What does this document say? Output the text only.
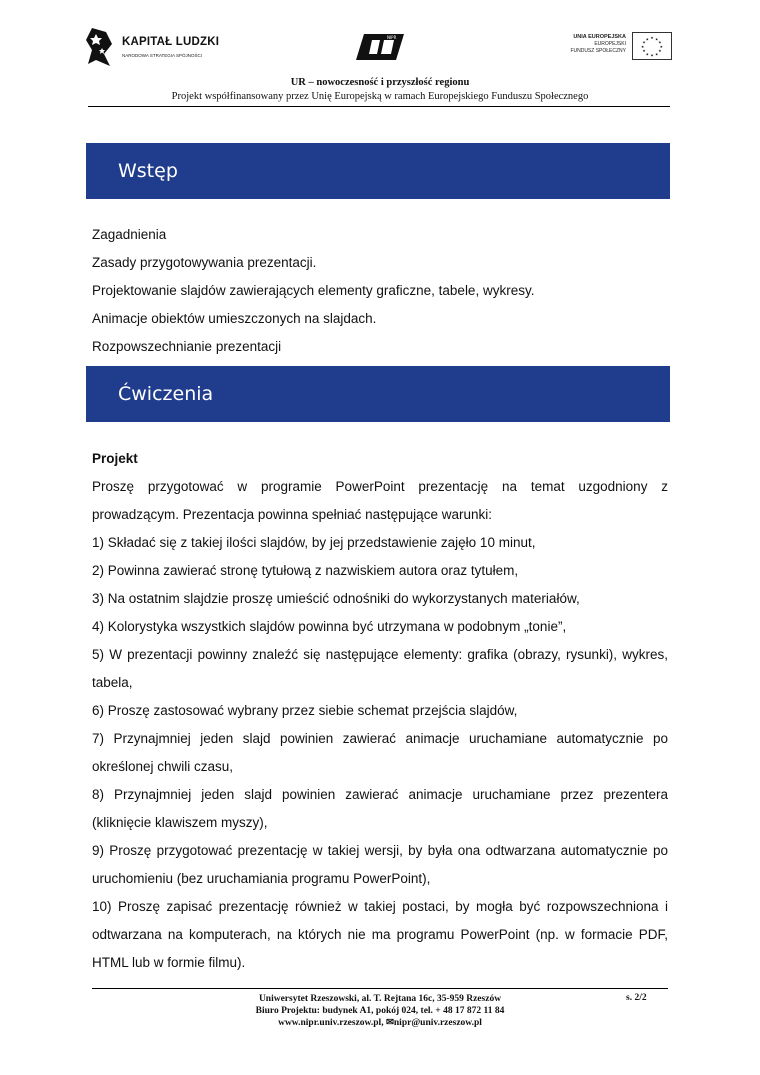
KAPITAŁ LUDZKI
NARODOWA STRATEGIA SPÓJNOŚCI
NIPR	UNIA EUROPEJSKA
EUROPEJSKI
FUNDUSZ SPOŁECZNY
★ ★
★
★
★
★
★
★
★
★
★
★
UR – nowoczesność i przyszłość regionu
Projekt współfinansowany przez Unię Europejską w ramach Europejskiego Funduszu Społecznego
Wstęp

Zagadnienia

Zasady przygotowywania prezentacji.

Projektowanie slajdów zawierających elementy graficzne, tabele, wykresy.

Animacje obiektów umieszczonych na slajdach.

Rozpowszechnianie prezentacji

Ćwiczenia

Projekt

Proszę przygotować w programie PowerPoint prezentację na temat uzgodniony z prowadzącym. Prezentacja powinna spełniać następujące warunki:

1) Składać się z takiej ilości slajdów, by jej przedstawienie zajęło 10 minut,

2) Powinna zawierać stronę tytułową z nazwiskiem autora oraz tytułem,

3) Na ostatnim slajdzie proszę umieścić odnośniki do wykorzystanych materiałów,

4) Kolorystyka wszystkich slajdów powinna być utrzymana w podobnym „tonie”,

5) W prezentacji powinny znaleźć się następujące elementy: grafika (obrazy, rysunki), wykres, tabela,

6) Proszę zastosować wybrany przez siebie schemat przejścia slajdów,

7) Przynajmniej jeden slajd powinien zawierać animacje uruchamiane automatycznie po określonej chwili czasu,

8) Przynajmniej jeden slajd powinien zawierać animacje uruchamiane przez prezentera (kliknięcie klawiszem myszy),

9) Proszę przygotować prezentację w takiej wersji, by była ona odtwarzana automatycznie po uruchomieniu (bez uruchamiania programu PowerPoint),

10) Proszę zapisać prezentację również w takiej postaci, by mogła być rozpowszechniona i odtwarzana na komputerach, na których nie ma programu PowerPoint (np. w formacie PDF, HTML lub w formie filmu).

Uniwersytet Rzeszowski, al. T. Rejtana 16c, 35-959 Rzeszów
Biuro Projektu: budynek A1, pokój 024, tel. + 48 17 872 11 84
www.nipr.univ.rzeszow.pl, ✉nipr@univ.rzeszow.pl
s. 2/2
